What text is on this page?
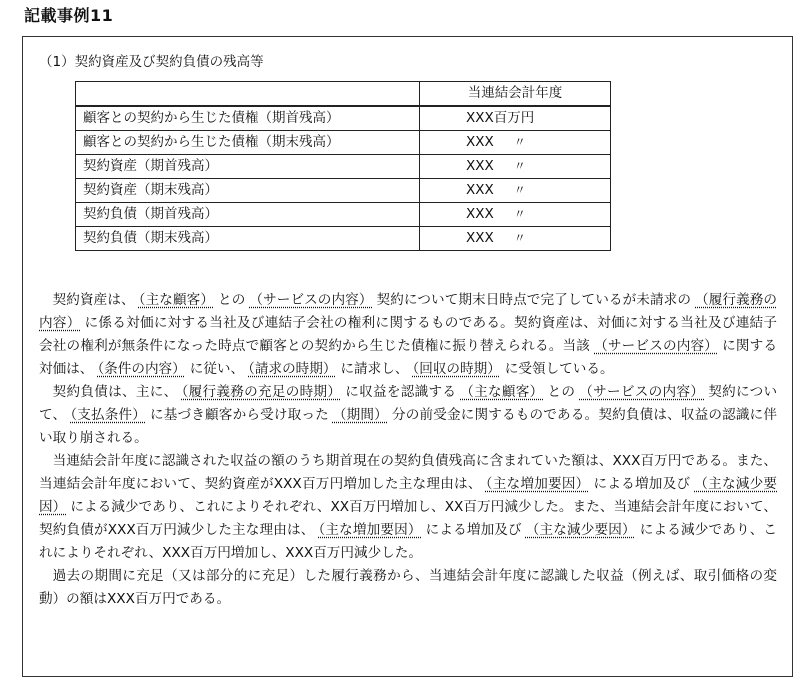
記載事例11
（1）契約資産及び契約負債の残高等
	当連結会計年度
顧客との契約から生じた債権（期首残高）	XXX百万円
顧客との契約から生じた債権（期末残高）	XXX 〃
契約資産（期首残高）	XXX 〃
契約資産（期末残高）	XXX 〃
契約負債（期首残高）	XXX 〃
契約負債（期末残高）	XXX 〃

契約資産は、 （主な顧客） との （サービスの内容） 契約について期末日時点で完了しているが未請求の （履行義務の内容） に係る対価に対する当社及び連結子会社の権利に関するものである。契約資産は、対価に対する当社及び連結子会社の権利が無条件になった時点で顧客との契約から生じた債権に振り替えられる。当該 （サービスの内容） に関する対価は、 （条件の内容） に従い、 （請求の時期） に請求し、 （回収の時期） に受領している。

契約負債は、主に、 （履行義務の充足の時期） に収益を認識する （主な顧客） との （サービスの内容） 契約について、 （支払条件） に基づき顧客から受け取った （期間） 分の前受金に関するものである。契約負債は、収益の認識に伴い取り崩される。

当連結会計年度に認識された収益の額のうち期首現在の契約負債残高に含まれていた額は、XXX百万円である。また、当連結会計年度において、契約資産がXXX百万円増加した主な理由は、 （主な増加要因） による増加及び （主な減少要因） による減少であり、これによりそれぞれ、XX百万円増加し、XX百万円減少した。また、当連結会計年度において、契約負債がXXX百万円減少した主な理由は、 （主な増加要因） による増加及び （主な減少要因） による減少であり、これによりそれぞれ、XXX百万円増加し、XXX百万円減少した。

過去の期間に充足（又は部分的に充足）した履行義務から、当連結会計年度に認識した収益（例えば、取引価格の変動）の額はXXX百万円である。
